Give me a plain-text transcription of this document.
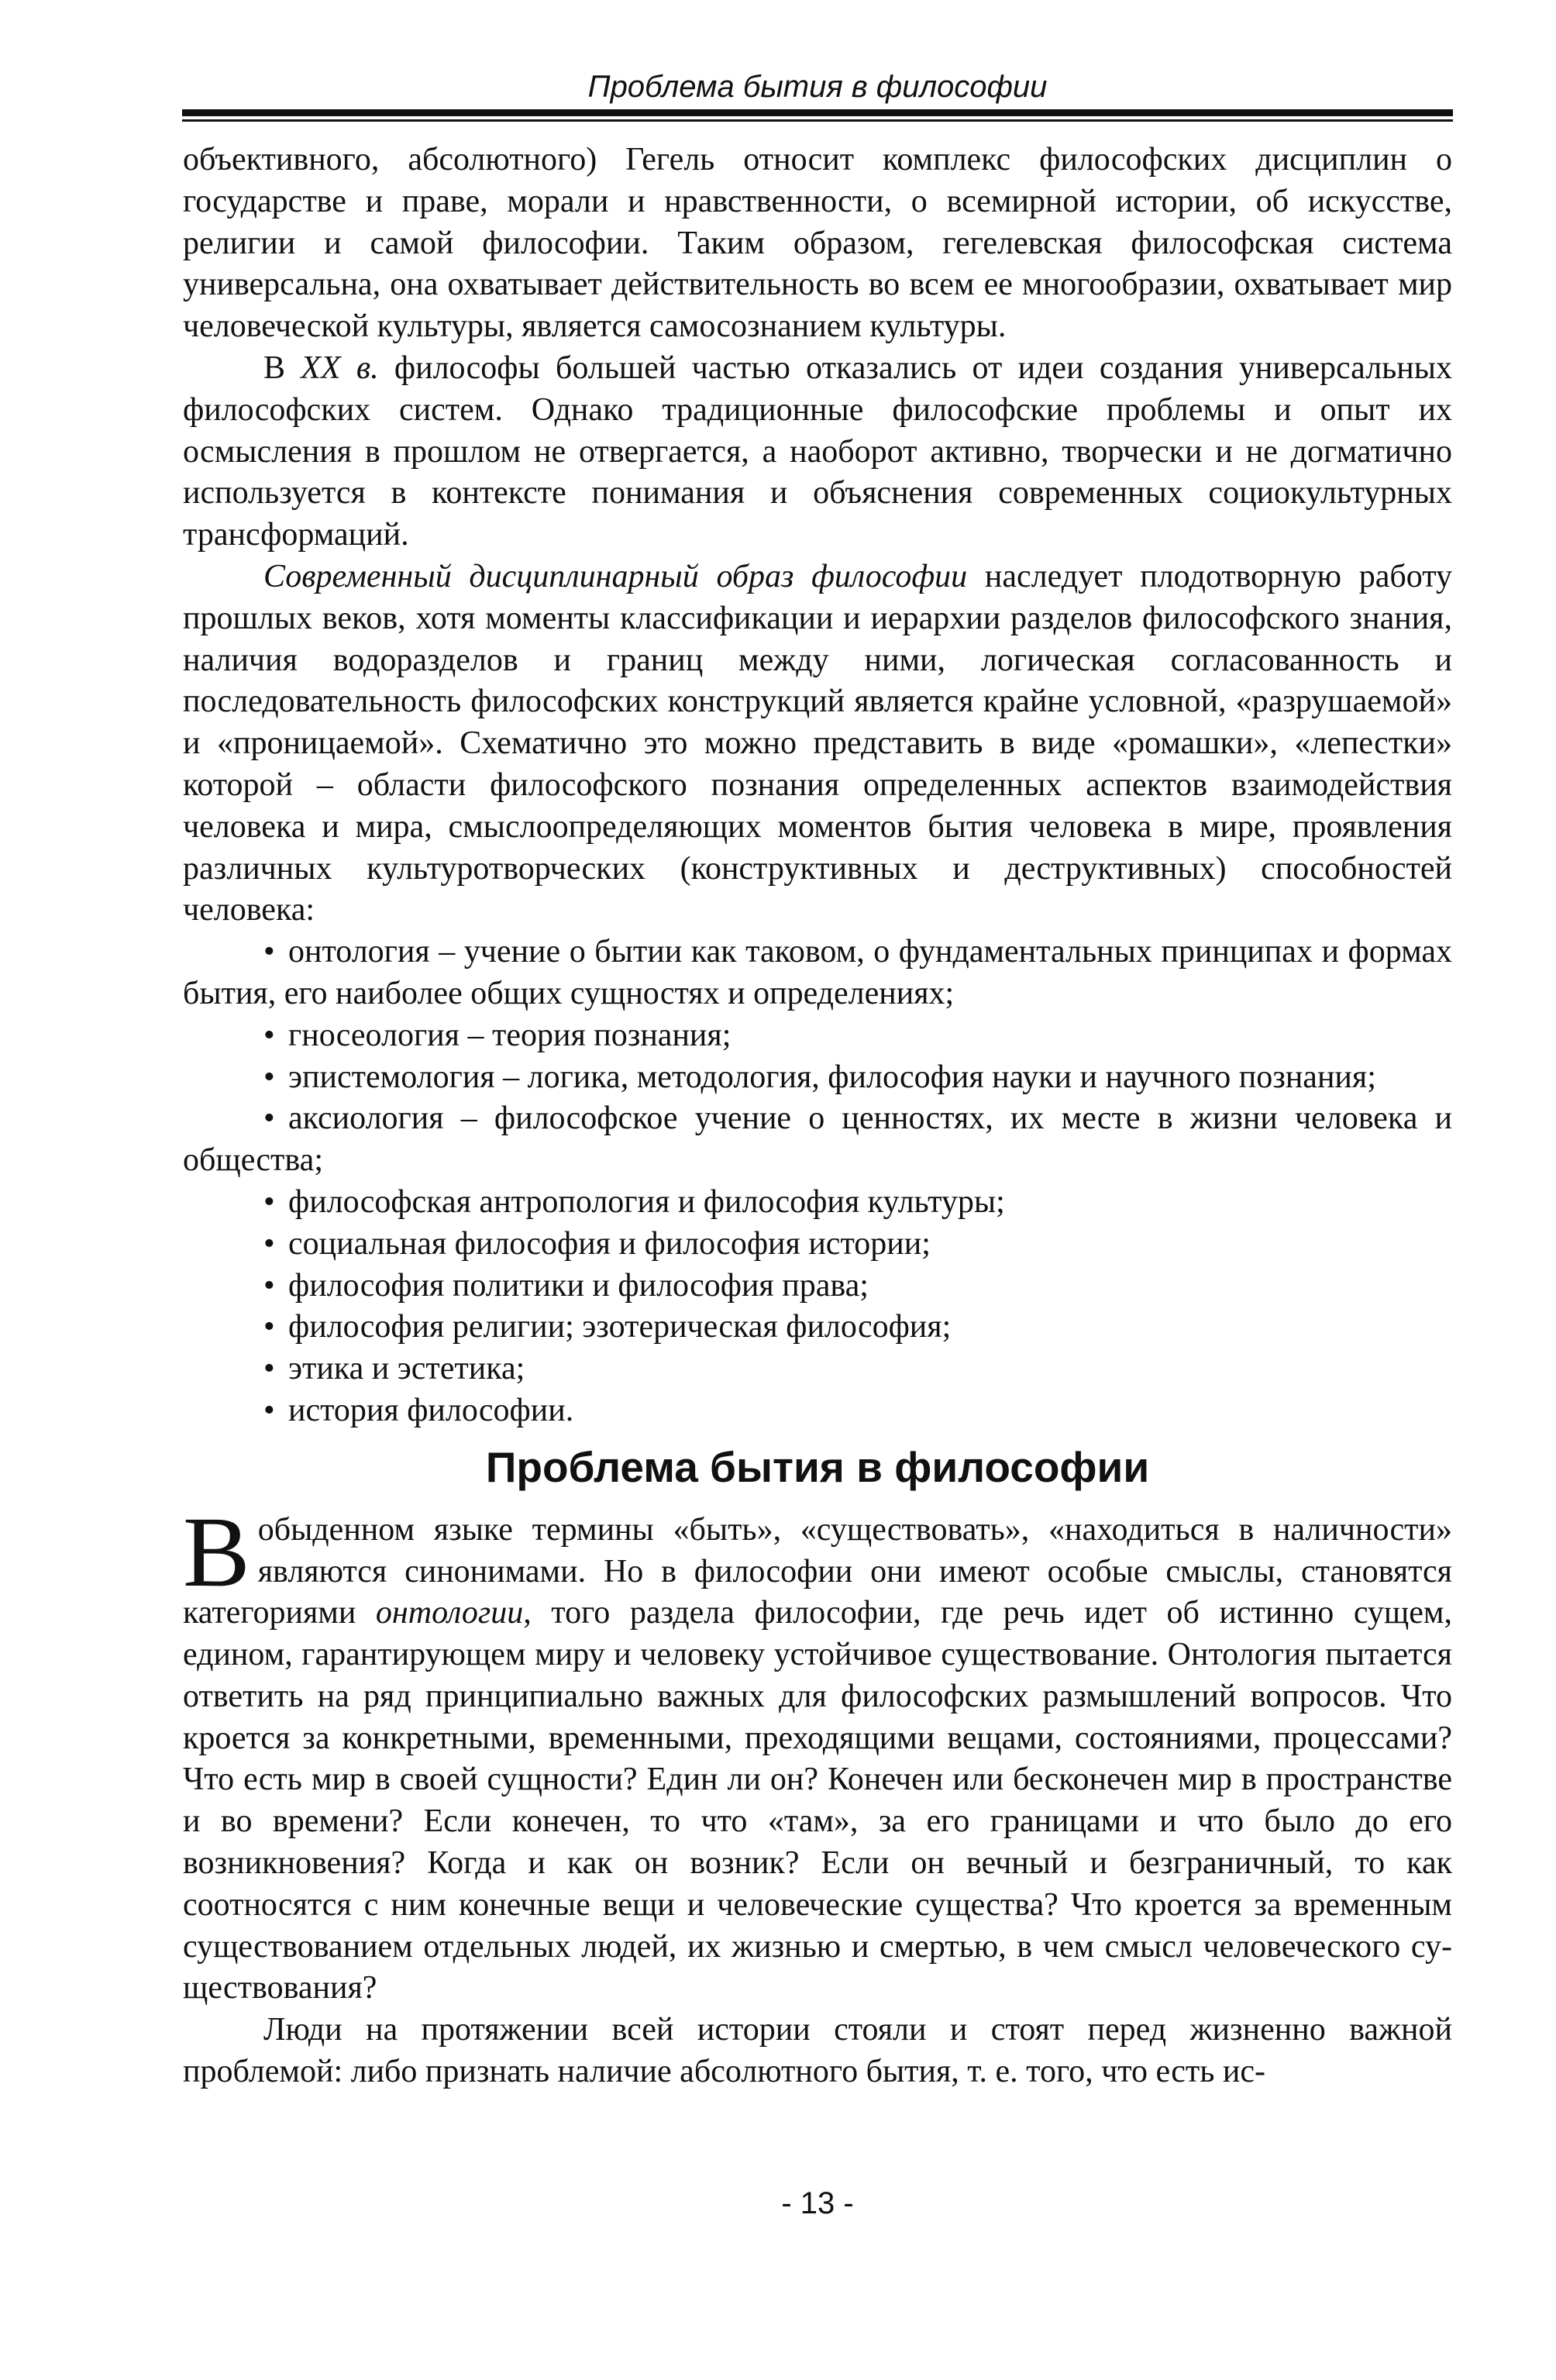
Проблема бытия в философии

объективного, абсолютного) Гегель относит комплекс философских дисциплин о государстве и праве, морали и нравственности, о всемирной истории, об искусстве, религии и самой философии. Таким образом, гегелевская философская система универсальна, она охватывает действительность во всем ее многообразии, охватывает мир человеческой культуры, является самосознанием культуры.

В XX в. философы большей частью отказались от идеи создания универсальных философских систем. Однако традиционные философские проблемы и опыт их осмысления в прошлом не отвергается, а наоборот активно, творчески и не догматично используется в контексте понимания и объяснения современных социокультурных трансформаций.

Современный дисциплинарный образ философии наследует плодотворную работу прошлых веков, хотя моменты классификации и иерархии разделов философского знания, наличия водоразделов и границ между ними, логическая согласованность и последовательность философских конструкций является крайне условной, «разрушаемой» и «проницаемой». Схематично это можно представить в виде «ромашки», «лепестки» которой – области философского познания определенных аспектов взаимодействия человека и мира, смыслоопределяющих моментов бытия человека в мире, проявления различных культуротворческих (конструктивных и деструктивных) способностей человека:

• онтология – учение о бытии как таковом, о фундаментальных принципах и формах бытия, его наиболее общих сущностях и определениях;

• гносеология – теория познания;

• эпистемология – логика, методология, философия науки и научного познания;

• аксиология – философское учение о ценностях, их месте в жизни человека и общества;

• философская антропология и философия культуры;

• социальная философия и философия истории;

• философия политики и философия права;

• философия религии; эзотерическая философия;

• этика и эстетика;

• история философии.

Проблема бытия в философии

Вобыденном языке термины «быть», «существовать», «находиться в наличности» являются синонимами. Но в философии они имеют особые смыслы, становятся категориями онтологии, того раздела философии, где речь идет об истинно сущем, едином, гарантирующем миру и человеку устойчивое существование. Онтология пытается ответить на ряд принципиально важных для философских размышлений вопросов. Что кроется за конкретными, временными, преходящими вещами, состояниями, процессами? Что есть мир в своей сущности? Един ли он? Конечен или бесконечен мир в пространстве и во времени? Если конечен, то что «там», за его границами и что было до его возникновения? Когда и как он возник? Если он вечный и безграничный, то как соотносятся с ним конечные вещи и человеческие существа? Что кроется за временным существованием отдельных людей, их жизнью и смертью, в чем смысл человеческого существования?

Люди на протяжении всей истории стояли и стоят перед жизненно важной проблемой: либо признать наличие абсолютного бытия, т. е. того, что есть ис-

- 13 -
